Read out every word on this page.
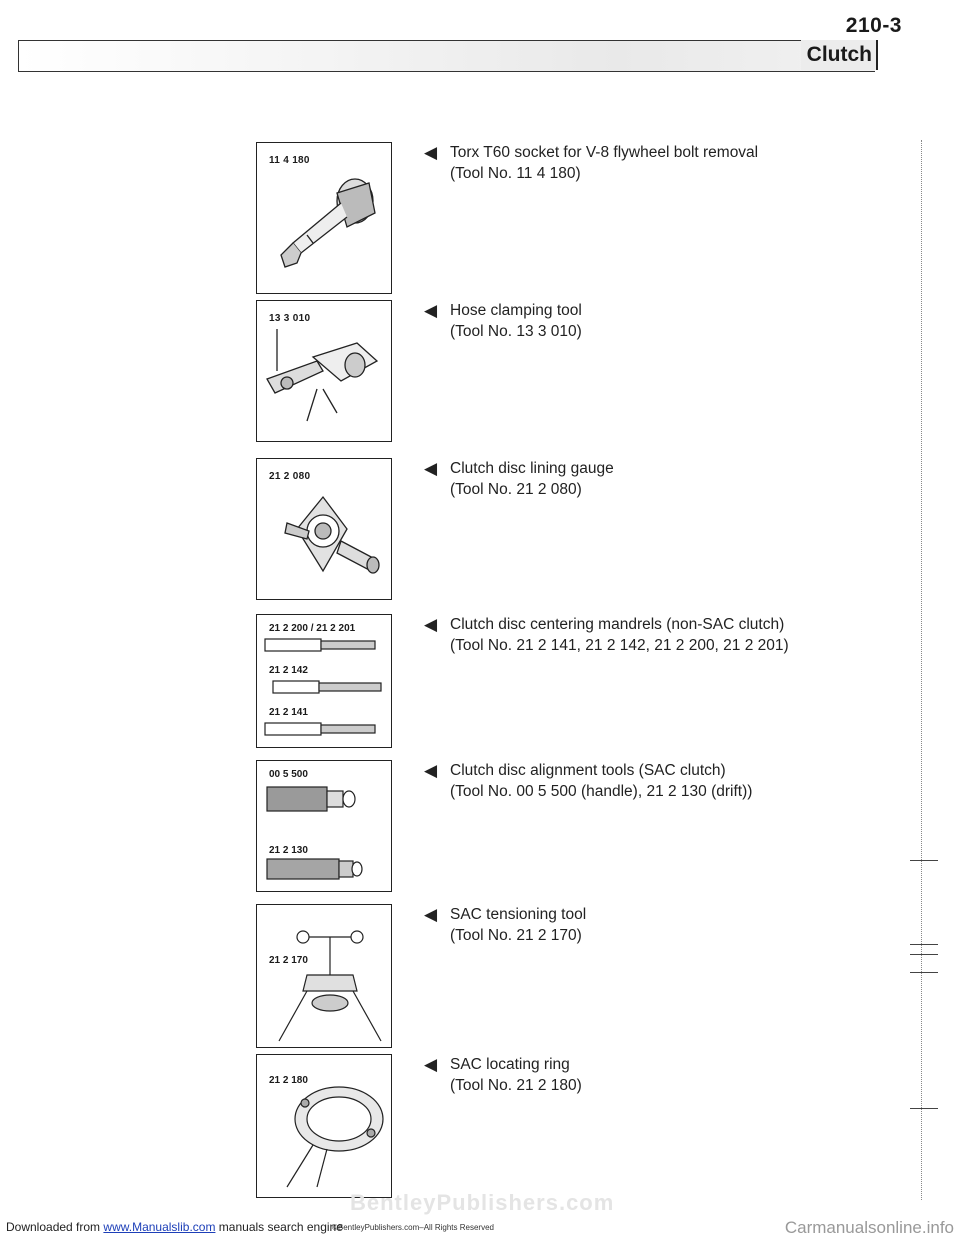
210-3
Clutch
11 4 180	◀ Torx T60 socket for V-8 flywheel bolt removal
(Tool No. 11 4 180)
13 3 010	◀ Hose clamping tool
(Tool No. 13 3 010)
21 2 080	◀ Clutch disc lining gauge
(Tool No. 21 2 080)
21 2 200 / 21 2 201
21 2 142
21 2 141
◀ Clutch disc centering mandrels (non-SAC clutch)
(Tool No. 21 2 141, 21 2 142, 21 2 200, 21 2 201)
00 5 500
21 2 130
◀ Clutch disc alignment tools (SAC clutch)
(Tool No. 00 5 500 (handle), 21 2 130 (drift))
21 2 170
◀ SAC tensioning tool
(Tool No. 21 2 170)
21 2 180
◀ SAC locating ring
(Tool No. 21 2 180)
BentleyPublishers.com
Downloaded from www.Manualslib.com manuals search engine
©BentleyPublishers.com–All Rights Reserved	Carmanualsonline.info
